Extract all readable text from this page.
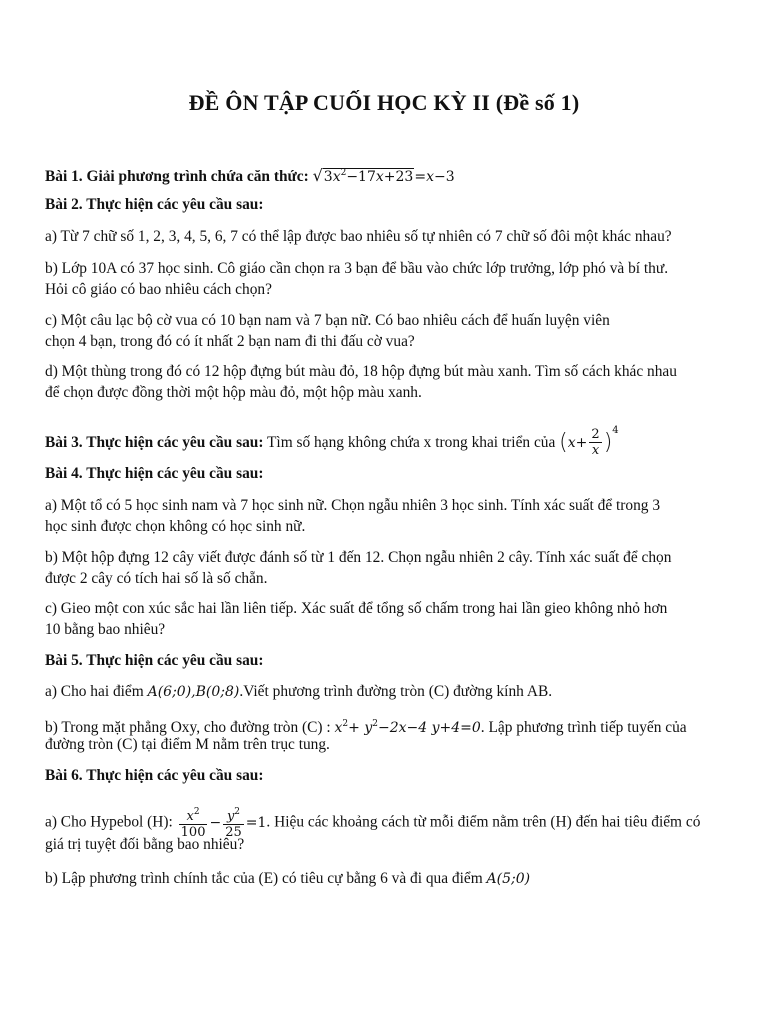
ĐỀ ÔN TẬP CUỐI HỌC KỲ II (Đề số 1)
Bài 1. Giải phương trình chứa căn thức: $√3x^2-17x+23=x-3$
Bài 2. Thực hiện các yêu cầu sau:
a) Từ 7 chữ số 1, 2, 3, 4, 5, 6, 7 có thể lập được bao nhiêu số tự nhiên có 7 chữ số đôi một khác nhau?
b) Lớp 10A có 37 học sinh. Cô giáo cần chọn ra 3 bạn để bầu vào chức lớp trưởng, lớp phó và bí thư.
Hỏi cô giáo có bao nhiêu cách chọn?
c) Một câu lạc bộ cờ vua có 10 bạn nam và 7 bạn nữ. Có bao nhiêu cách để huấn luyện viên
chọn 4 bạn, trong đó có ít nhất 2 bạn nam đi thi đấu cờ vua?
d) Một thùng trong đó có 12 hộp đựng bút màu đỏ, 18 hộp đựng bút màu xanh. Tìm số cách khác nhau
để chọn được đồng thời một hộp màu đỏ, một hộp màu xanh.
Bài 3. Thực hiện các yêu cầu sau: Tìm số hạng không chứa x trong khai triển của $(x+ \frac{2}{x} )^4$
Bài 4. Thực hiện các yêu cầu sau:
a) Một tổ có 5 học sinh nam và 7 học sinh nữ. Chọn ngẫu nhiên 3 học sinh. Tính xác suất để trong 3
học sinh được chọn không có học sinh nữ.
b) Một hộp đựng 12 cây viết được đánh số từ 1 đến 12. Chọn ngẫu nhiên 2 cây. Tính xác suất để chọn
được 2 cây có tích hai số là số chẵn.
c) Gieo một con xúc sắc hai lần liên tiếp. Xác suất để tổng số chấm trong hai lần gieo không nhỏ hơn
10 bằng bao nhiêu?
Bài 5. Thực hiện các yêu cầu sau:
a) Cho hai điểm A(6;0),B(0;8).Viết phương trình đường tròn (C) đường kính AB.
b) Trong mặt phẳng Oxy, cho đường tròn (C) : $x^2+ y^2-2x-4$ y+4=0. Lập phương trình tiếp tuyến của
đường tròn (C) tại điểm M nằm trên trục tung.
Bài 6. Thực hiện các yêu cầu sau:
a) Cho Hypebol (H): $\frac{x^2}{100} - \frac{y^2}{25} =1$. Hiệu các khoảng cách từ mỗi điểm nằm trên (H) đến hai tiêu điểm có
giá trị tuyệt đối bằng bao nhiêu?
b) Lập phương trình chính tắc của (E) có tiêu cự bằng 6 và đi qua điểm A(5;0)
